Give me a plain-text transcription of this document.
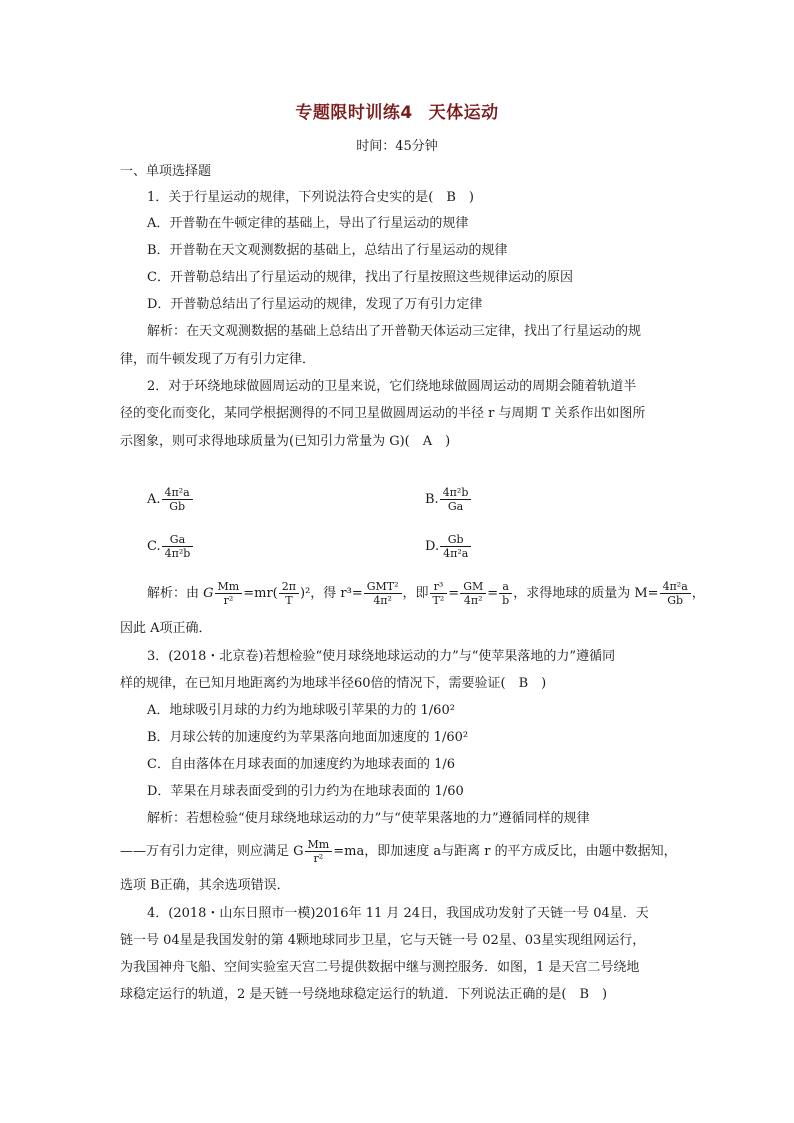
专题限时训练4 天体运动
时间：45分钟
一、单项选择题
1．关于行星运动的规律，下列说法符合史实的是(　B　)
A．开普勒在牛顿定律的基础上，导出了行星运动的规律
B．开普勒在天文观测数据的基础上，总结出了行星运动的规律
C．开普勒总结出了行星运动的规律，找出了行星按照这些规律运动的原因
D．开普勒总结出了行星运动的规律，发现了万有引力定律
解析：在天文观测数据的基础上总结出了开普勒天体运动三定律，找出了行星运动的规
律，而牛顿发现了万有引力定律．
2．对于环绕地球做圆周运动的卫星来说，它们绕地球做圆周运动的周期会随着轨道半
径的变化而变化，某同学根据测得的不同卫星做圆周运动的半径 r 与周期 T 关系作出如图所
示图象，则可求得地球质量为(已知引力常量为 G)(　A　)
A. $\frac{\text{4π²a}}{Gb}$	B. $\frac{\text{4π²b}}{Ga}$
C. $\frac{Ga}{\text{4π²b}}$	D. $\frac{Gb}{\text{4π²a}}$
解析：由 G $\frac{Mm}{\text{r²}} =mr( \frac{2\pi}{T} )^2$，得 $r^3= \frac{\text{GMT²}}{\text{4π²}}$ ，即 $\frac{\text{r³}}{\text{T²}} = \frac{GM}{\text{4π²}} = \frac{a}{b}$ ，求得地球的质量为 $M= \frac{\text{4π²a}}{Gb}$ ，
因此 A项正确．
3．(2018・北京卷)若想检验“使月球绕地球运动的力”与“使苹果落地的力”遵循同
样的规律，在已知月地距离约为地球半径60倍的情况下，需要验证(　B　)
A．地球吸引月球的力约为地球吸引苹果的力的 1/60²
B．月球公转的加速度约为苹果落向地面加速度的 1/60²
C．自由落体在月球表面的加速度约为地球表面的 1/6
D．苹果在月球表面受到的引力约为在地球表面的 1/60
解析：若想检验“使月球绕地球运动的力”与“使苹果落地的力”遵循同样的规律
——万有引力定律，则应满足 G $\frac{Mm}{\text{r²}} =ma$，即加速度 a与距离 r 的平方成反比，由题中数据知，
选项 B正确，其余选项错误．
4．(2018・山东日照市一模)2016年 11 月 24日，我国成功发射了天链一号 04星．天
链一号 04星是我国发射的第 4颗地球同步卫星，它与天链一号 02星、03星实现组网运行，
为我国神舟飞船、空间实验室天宫二号提供数据中继与测控服务．如图，1 是天宫二号绕地
球稳定运行的轨道，2 是天链一号绕地球稳定运行的轨道．下列说法正确的是(　B　)
